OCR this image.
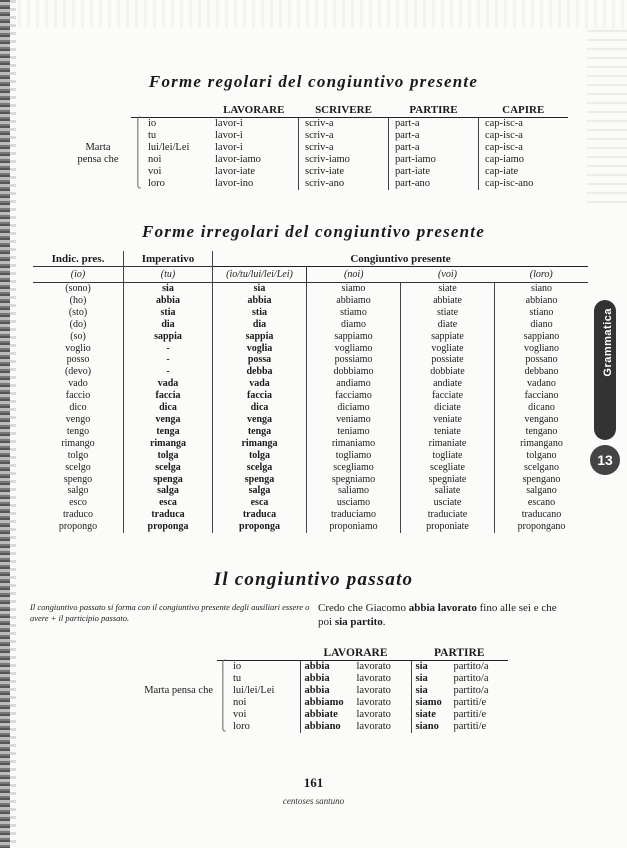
Grammatica
13
Forme regolari del congiuntivo presente
			LAVORARE	SCRIVERE	PARTIRE	CAPIRE
	⎧	io	lavor-i	scriv-a	part-a	cap-isc-a
	⎪	tu	lavor-i	scriv-a	part-a	cap-isc-a
Marta	⎪	lui/lei/Lei	lavor-i	scriv-a	part-a	cap-isc-a
pensa che	⎪	noi	lavor-iamo	scriv-iamo	part-iamo	cap-iamo
	⎪	voi	lavor-iate	scriv-iate	part-iate	cap-iate
	⎩	loro	lavor-ino	scriv-ano	part-ano	cap-isc-ano
Forme irregolari del congiuntivo presente
Indic. pres.	Imperativo	Congiuntivo presente			
(io)	(tu)	(io/tu/lui/lei/Lei)	(noi)	(voi)	(loro)
(sono)	sia	sia	siamo	siate	siano
(ho)	abbia	abbia	abbiamo	abbiate	abbiano
(sto)	stia	stia	stiamo	stiate	stiano
(do)	dia	dia	diamo	diate	diano
(so)	sappia	sappia	sappiamo	sappiate	sappiano
voglio	-	voglia	vogliamo	vogliate	vogliano
posso	-	possa	possiamo	possiate	possano
(devo)	-	debba	dobbiamo	dobbiate	debbano
vado	vada	vada	andiamo	andiate	vadano
faccio	faccia	faccia	facciamo	facciate	facciano
dico	dica	dica	diciamo	diciate	dicano
vengo	venga	venga	veniamo	veniate	vengano
tengo	tenga	tenga	teniamo	teniate	tengano
rimango	rimanga	rimanga	rimaniamo	rimaniate	rimangano
tolgo	tolga	tolga	togliamo	togliate	tolgano
scelgo	scelga	scelga	scegliamo	scegliate	scelgano
spengo	spenga	spenga	spegniamo	spegniate	spengano
salgo	salga	salga	saliamo	saliate	salgano
esco	esca	esca	usciamo	usciate	escano
traduco	traduca	traduca	traduciamo	traduciate	traducano
propongo	proponga	proponga	proponiamo	proponiate	propongano
Il congiuntivo passato
Il congiuntivo passato si forma con il congiuntivo presente degli ausiliari essere o avere + il participio passato.
Credo che Giacomo abbia lavorato fino alle sei e che poi sia partito.
			LAVORARE		PARTIRE	
	⎧	io	abbia	lavorato	sia	partito/a
	⎪	tu	abbia	lavorato	sia	partito/a
Marta pensa che	⎪	lui/lei/Lei	abbia	lavorato	sia	partito/a
	⎪	noi	abbiamo	lavorato	siamo	partiti/e
	⎪	voi	abbiate	lavorato	siate	partiti/e
	⎩	loro	abbiano	lavorato	siano	partiti/e
161
centoses santuno
